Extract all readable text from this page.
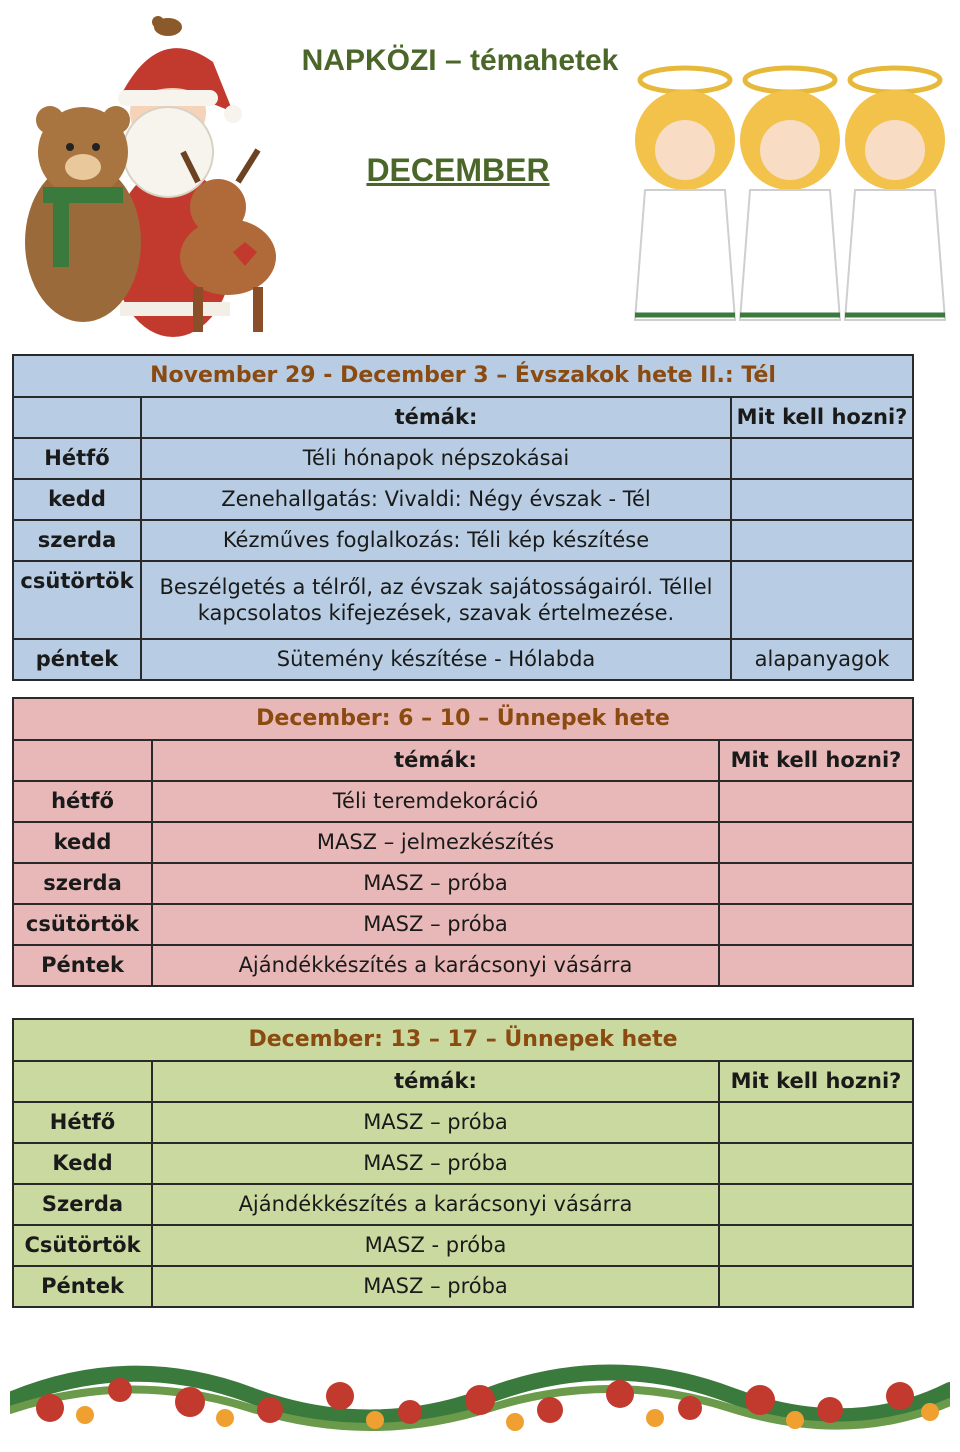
NAPKÖZI – témahetek
DECEMBER
November 29 - December 3 – Évszakok hete II.: Tél		
	témák:	Mit kell hozni?
Hétfő	Téli hónapok népszokásai	
kedd	Zenehallgatás: Vivaldi: Négy évszak - Tél	
szerda	Kézműves foglalkozás: Téli kép készítése	
csütörtök	Beszélgetés a télről, az évszak sajátosságairól. Téllel kapcsolatos kifejezések, szavak értelmezése.	
péntek	Sütemény készítése - Hólabda	alapanyagok
December: 6 – 10 – Ünnepek hete		
	témák:	Mit kell hozni?
hétfő	Téli teremdekoráció	
kedd	MASZ – jelmezkészítés	
szerda	MASZ – próba	
csütörtök	MASZ – próba	
Péntek	Ajándékkészítés a karácsonyi vásárra	
December: 13 – 17 – Ünnepek hete		
	témák:	Mit kell hozni?
Hétfő	MASZ – próba	
Kedd	MASZ – próba	
Szerda	Ajándékkészítés a karácsonyi vásárra	
Csütörtök	MASZ - próba	
Péntek	MASZ – próba	
